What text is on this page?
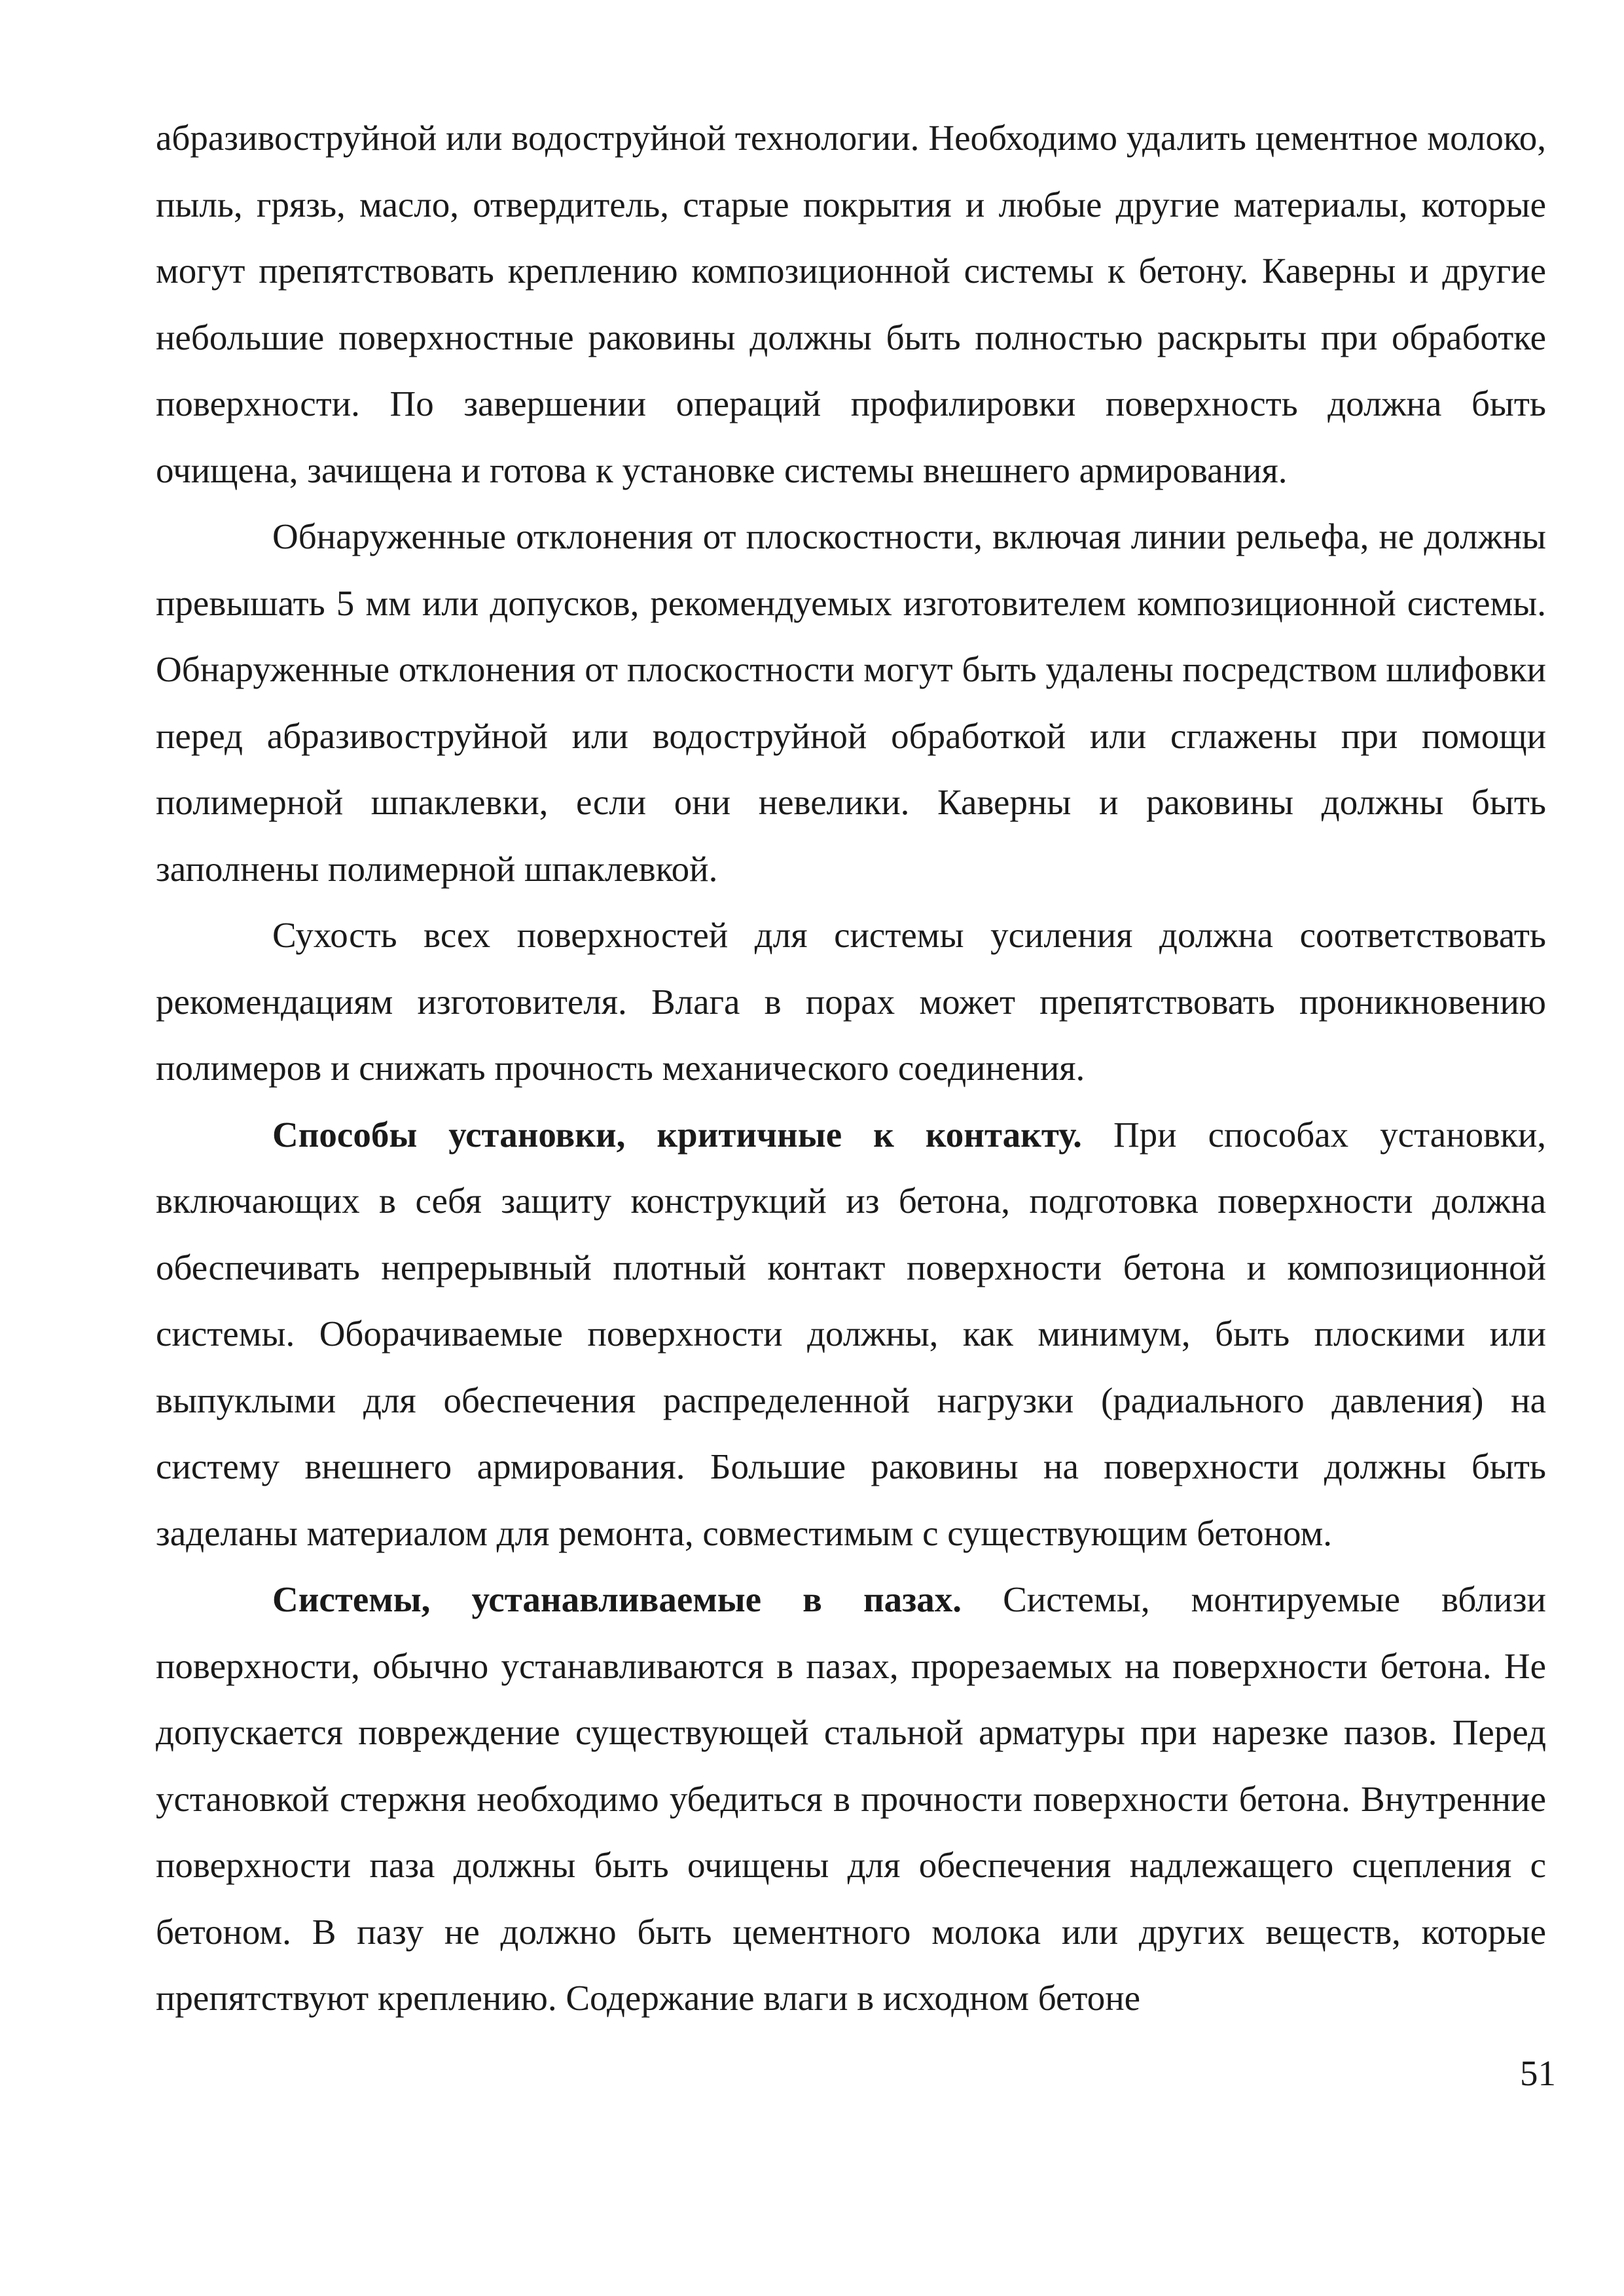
абразивоструйной или водоструйной технологии. Необходимо удалить цементное молоко, пыль, грязь, масло, отвердитель, старые покрытия и любые другие материалы, которые могут препятствовать креплению композиционной системы к бетону. Каверны и другие небольшие поверхностные раковины должны быть полностью раскрыты при обработке поверхности. По завершении операций профилировки поверхность должна быть очищена, зачищена и готова к установке системы внешнего армирования.

Обнаруженные отклонения от плоскостности, включая линии рельефа, не должны превышать 5 мм или допусков, рекомендуемых изготовителем композиционной системы. Обнаруженные отклонения от плоскостности могут быть удалены посредством шлифовки перед абразивоструйной или водоструйной обработкой или сглажены при помощи полимерной шпаклевки, если они невелики. Каверны и раковины должны быть заполнены полимерной шпаклевкой.

Сухость всех поверхностей для системы усиления должна соответствовать рекомендациям изготовителя. Влага в порах может препятствовать проникновению полимеров и снижать прочность механического соединения.

Способы установки, критичные к контакту. При способах установки, включающих в себя защиту конструкций из бетона, подготовка поверхности должна обеспечивать непрерывный плотный контакт поверхности бетона и композиционной системы. Оборачиваемые поверхности должны, как минимум, быть плоскими или выпуклыми для обеспечения распределенной нагрузки (радиального давления) на систему внешнего армирования. Большие раковины на поверхности должны быть заделаны материалом для ремонта, совместимым с существующим бетоном.

Системы, устанавливаемые в пазах. Системы, монтируемые вблизи поверхности, обычно устанавливаются в пазах, прорезаемых на поверхности бетона. Не допускается повреждение существующей стальной арматуры при нарезке пазов. Перед установкой стержня необходимо убедиться в прочности поверхности бетона. Внутренние поверхности паза должны быть очищены для обеспечения надлежащего сцепления с бетоном. В пазу не должно быть цементного молока или других веществ, которые препятствуют креплению. Содержание влаги в исходном бетоне

51
